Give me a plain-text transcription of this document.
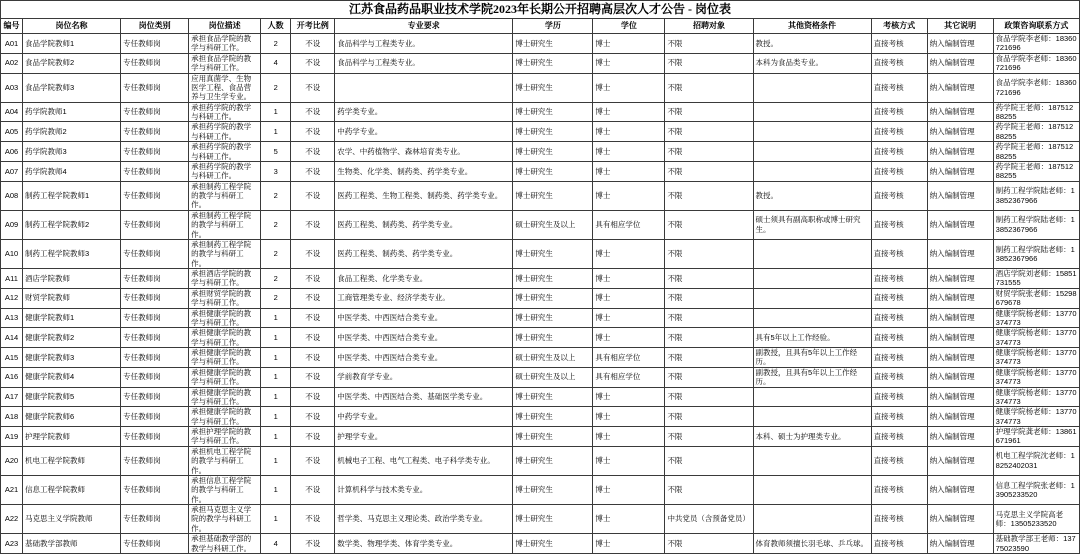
江苏食品药品职业技术学院2023年长期公开招聘高层次人才公告 - 岗位表													
编号	岗位名称	岗位类别	岗位描述	人数	开考比例	专业要求	学历	学位	招聘对象	其他资格条件	考核方式	其它说明	政策咨询联系方式
A01	食品学院教师1	专任教师岗	承担食品学院的教学与科研工作。	2	不设	食品科学与工程类专业。	博士研究生	博士	不限	教授。	直接考核	纳入编制管理	食品学院李老师：18360721696
A02	食品学院教师2	专任教师岗	承担食品学院的教学与科研工作。	4	不设	食品科学与工程类专业。	博士研究生	博士	不限	本科为食品类专业。	直接考核	纳入编制管理	食品学院李老师：18360721696
A03	食品学院教师3	专任教师岗	应用真菌学、生物医学工程、食品营养与卫生学专业。	2	不设		博士研究生	博士	不限		直接考核	纳入编制管理	食品学院李老师：18360721696
A04	药学院教师1	专任教师岗	承担药学院的教学与科研工作。	1	不设	药学类专业。	博士研究生	博士	不限		直接考核	纳入编制管理	药学院王老师：18751288255
A05	药学院教师2	专任教师岗	承担药学院的教学与科研工作。	1	不设	中药学专业。	博士研究生	博士	不限		直接考核	纳入编制管理	药学院王老师：18751288255
A06	药学院教师3	专任教师岗	承担药学院的教学与科研工作。	5	不设	农学、中药植物学、森林培育类专业。	博士研究生	博士	不限		直接考核	纳入编制管理	药学院王老师：18751288255
A07	药学院教师4	专任教师岗	承担药学院的教学与科研工作。	3	不设	生物类、化学类、制药类、药学类专业。	博士研究生	博士	不限		直接考核	纳入编制管理	药学院王老师：18751288255
A08	制药工程学院教师1	专任教师岗	承担制药工程学院的教学与科研工作。	2	不设	医药工程类、生物工程类、制药类、药学类专业。	博士研究生	博士	不限	教授。	直接考核	纳入编制管理	制药工程学院陆老师：13852367966
A09	制药工程学院教师2	专任教师岗	承担制药工程学院的教学与科研工作。	2	不设	医药工程类、制药类、药学类专业。	硕士研究生及以上	具有相应学位	不限	硕士须具有副高职称或博士研究生。	直接考核	纳入编制管理	制药工程学院陆老师：13852367966
A10	制药工程学院教师3	专任教师岗	承担制药工程学院的教学与科研工作。	2	不设	医药工程类、制药类、药学类专业。	博士研究生	博士	不限		直接考核	纳入编制管理	制药工程学院陆老师：13852367966
A11	酒店学院教师	专任教师岗	承担酒店学院的教学与科研工作。	2	不设	食品工程类、化学类专业。	博士研究生	博士	不限		直接考核	纳入编制管理	酒店学院刘老师：15851731555
A12	财贸学院教师	专任教师岗	承担财贸学院的教学与科研工作。	2	不设	工商管理类专业、经济学类专业。	博士研究生	博士	不限		直接考核	纳入编制管理	财贸学院张老师：15298679678
A13	健康学院教师1	专任教师岗	承担健康学院的教学与科研工作。	1	不设	中医学类、中西医结合类专业。	博士研究生	博士	不限		直接考核	纳入编制管理	健康学院杨老师：13770374773
A14	健康学院教师2	专任教师岗	承担健康学院的教学与科研工作。	1	不设	中医学类、中西医结合类专业。	博士研究生	博士	不限	具有5年以上工作经验。	直接考核	纳入编制管理	健康学院杨老师：13770374773
A15	健康学院教师3	专任教师岗	承担健康学院的教学与科研工作。	1	不设	中医学类、中西医结合类专业。	硕士研究生及以上	具有相应学位	不限	副教授，且具有5年以上工作经历。	直接考核	纳入编制管理	健康学院杨老师：13770374773
A16	健康学院教师4	专任教师岗	承担健康学院的教学与科研工作。	1	不设	学前教育学专业。	硕士研究生及以上	具有相应学位	不限	副教授，且具有5年以上工作经历。	直接考核	纳入编制管理	健康学院杨老师：13770374773
A17	健康学院教师5	专任教师岗	承担健康学院的教学与科研工作。	1	不设	中医学类、中西医结合类、基础医学类专业。	博士研究生	博士	不限		直接考核	纳入编制管理	健康学院杨老师：13770374773
A18	健康学院教师6	专任教师岗	承担健康学院的教学与科研工作。	1	不设	中药学专业。	博士研究生	博士	不限		直接考核	纳入编制管理	健康学院杨老师：13770374773
A19	护理学院教师	专任教师岗	承担护理学院的教学与科研工作。	1	不设	护理学专业。	博士研究生	博士	不限	本科、硕士为护理类专业。	直接考核	纳入编制管理	护理学院龚老师：13861671961
A20	机电工程学院教师	专任教师岗	承担机电工程学院的教学与科研工作。	1	不设	机械电子工程、电气工程类、电子科学类专业。	博士研究生	博士	不限		直接考核	纳入编制管理	机电工程学院沈老师：18252402031
A21	信息工程学院教师	专任教师岗	承担信息工程学院的教学与科研工作。	1	不设	计算机科学与技术类专业。	博士研究生	博士	不限		直接考核	纳入编制管理	信息工程学院张老师：13905233520
A22	马克思主义学院教师	专任教师岗	承担马克思主义学院的教学与科研工作。	1	不设	哲学类、马克思主义理论类、政治学类专业。	博士研究生	博士	中共党员（含预备党员）		直接考核	纳入编制管理	马克思主义学院高老师：13505233520
A23	基础教学部教师	专任教师岗	承担基础教学部的教学与科研工作。	4	不设	数学类、物理学类、体育学类专业。	博士研究生	博士	不限	体育教师须擅长羽毛球、乒乓球。	直接考核	纳入编制管理	基础教学部王老师：13775023590
